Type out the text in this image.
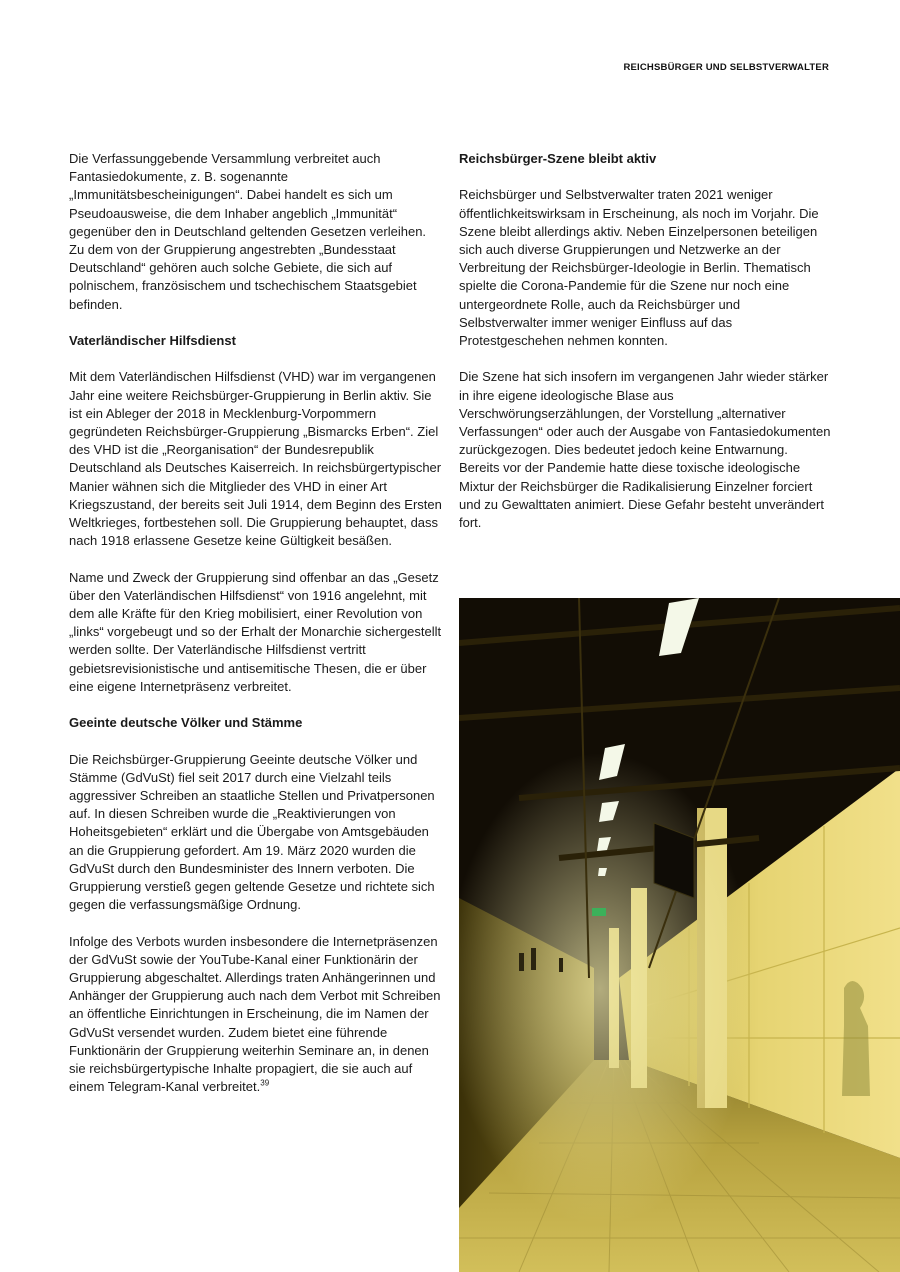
REICHSBÜRGER UND SELBSTVERWALTER

Die Verfassunggebende Versammlung verbreitet auch Fantasiedokumente, z. B. sogenannte „Immunitätsbescheinigungen“. Dabei handelt es sich um Pseudoausweise, die dem Inhaber angeblich „Immunität“ gegenüber den in Deutschland geltenden Gesetzen verleihen. Zu dem von der Gruppierung angestrebten „Bundesstaat Deutschland“ gehören auch solche Gebiete, die sich auf polnischem, französischem und tschechischem Staatsgebiet befinden.

Vaterländischer Hilfsdienst

Mit dem Vaterländischen Hilfsdienst (VHD) war im vergangenen Jahr eine weitere Reichsbürger-Gruppierung in Berlin aktiv. Sie ist ein Ableger der 2018 in Mecklenburg-Vorpommern gegründeten Reichsbürger-Gruppierung „Bismarcks Erben“. Ziel des VHD ist die „Reorganisation“ der Bundesrepublik Deutschland als Deutsches Kaiserreich. In reichsbürgertypischer Manier wähnen sich die Mitglieder des VHD in einer Art Kriegszustand, der bereits seit Juli 1914, dem Beginn des Ersten Weltkrieges, fortbestehen soll. Die Gruppierung behauptet, dass nach 1918 erlassene Gesetze keine Gültigkeit besäßen.

Name und Zweck der Gruppierung sind offenbar an das „Gesetz über den Vaterländischen Hilfsdienst“ von 1916 angelehnt, mit dem alle Kräfte für den Krieg mobilisiert, einer Revolution von „links“ vorgebeugt und so der Erhalt der Monarchie sichergestellt werden sollte. Der Vaterländische Hilfsdienst vertritt gebietsrevisionistische und antisemitische Thesen, die er über eine eigene Internetpräsenz verbreitet.

Geeinte deutsche Völker und Stämme

Die Reichsbürger-Gruppierung Geeinte deutsche Völker und Stämme (GdVuSt) fiel seit 2017 durch eine Vielzahl teils aggressiver Schreiben an staatliche Stellen und Privatpersonen auf. In diesen Schreiben wurde die „Reaktivierungen von Hoheitsgebieten“ erklärt und die Übergabe von Amtsgebäuden an die Gruppierung gefordert. Am 19. März 2020 wurden die GdVuSt durch den Bundesminister des Innern verboten. Die Gruppierung verstieß gegen geltende Gesetze und richtete sich gegen die verfassungsmäßige Ordnung.

Infolge des Verbots wurden insbesondere die Internetpräsenzen der GdVuSt sowie der YouTube-Kanal einer Funktionärin der Gruppierung abgeschaltet. Allerdings traten Anhängerinnen und Anhänger der Gruppierung auch nach dem Verbot mit Schreiben an öffentliche Einrichtungen in Erscheinung, die im Namen der GdVuSt versendet wurden. Zudem bietet eine führende Funktionärin der Gruppierung weiterhin Seminare an, in denen sie reichsbürgertypische Inhalte propagiert, die sie auch auf einem Telegram-Kanal verbreitet.$^{39}$

Reichsbürger-Szene bleibt aktiv

Reichsbürger und Selbstverwalter traten 2021 weniger öffentlichkeitswirksam in Erscheinung, als noch im Vorjahr. Die Szene bleibt allerdings aktiv. Neben Einzelpersonen beteiligen sich auch diverse Gruppierungen und Netzwerke an der Verbreitung der Reichsbürger-Ideologie in Berlin. Thematisch spielte die Corona-Pandemie für die Szene nur noch eine untergeordnete Rolle, auch da Reichsbürger und Selbstverwalter immer weniger Einfluss auf das Protestgeschehen nehmen konnten.

Die Szene hat sich insofern im vergangenen Jahr wieder stärker in ihre eigene ideologische Blase aus Verschwörungserzählungen, der Vorstellung „alternativer Verfassungen“ oder auch der Ausgabe von Fantasiedokumenten zurückgezogen. Dies bedeutet jedoch keine Entwarnung. Bereits vor der Pandemie hatte diese toxische ideologische Mixtur der Reichsbürger die Radikalisierung Einzelner forciert und zu Gewalttaten animiert. Diese Gefahr besteht unverändert fort.
